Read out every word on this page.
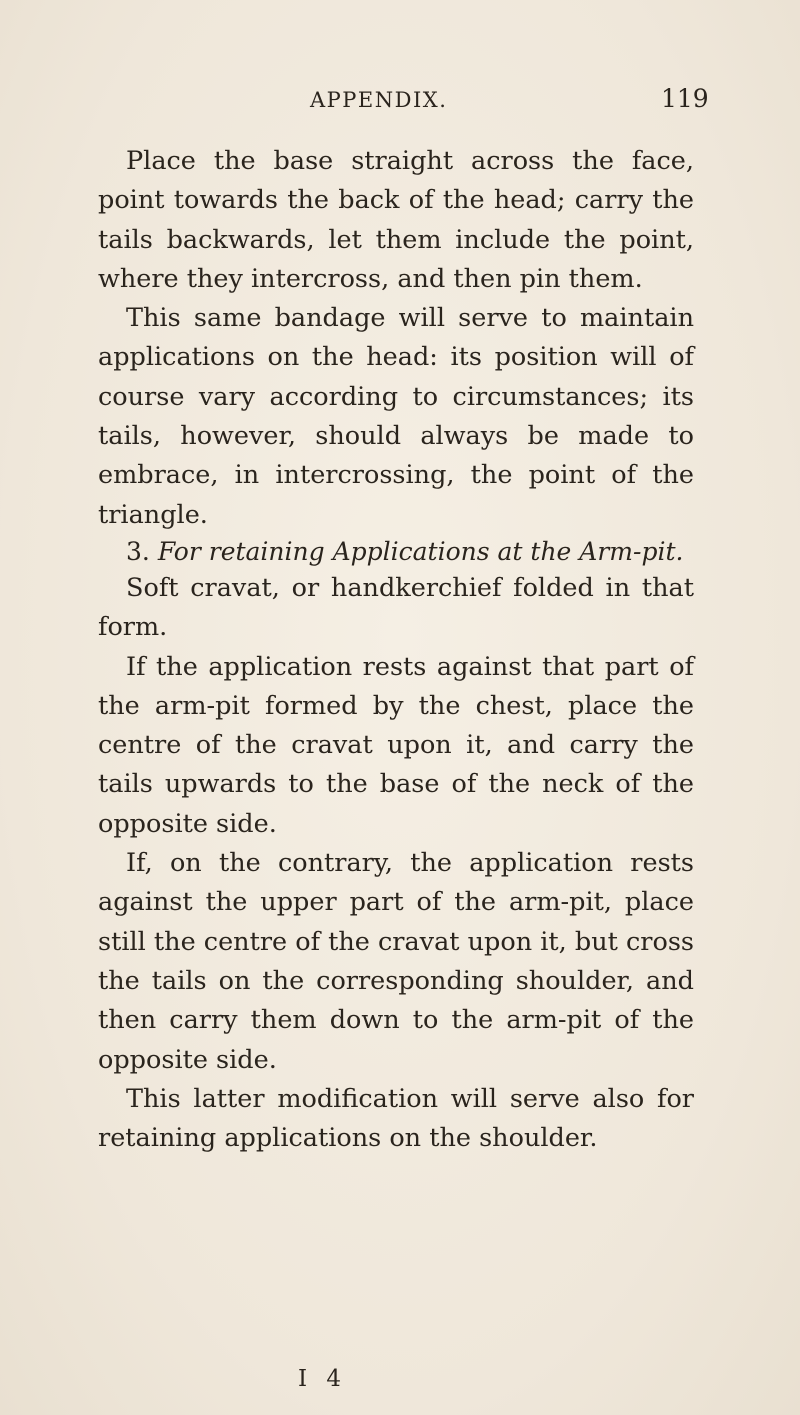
APPENDIX.	119

Place the base straight across the face, point towards the back of the head; carry the tails backwards, let them include the point, where they intercross, and then pin them.

This same bandage will serve to maintain applications on the head: its position will of course vary according to circumstances; its tails, however, should always be made to embrace, in intercrossing, the point of the triangle.

3. For retaining Applications at the Arm-pit.

Soft cravat, or handkerchief folded in that form.

If the application rests against that part of the arm-pit formed by the chest, place the centre of the cravat upon it, and carry the tails upwards to the base of the neck of the opposite side.

If, on the contrary, the application rests against the upper part of the arm-pit, place still the centre of the cravat upon it, but cross the tails on the corresponding shoulder, and then carry them down to the arm-pit of the opposite side.

This latter modification will serve also for retaining applications on the shoulder.

I 4
